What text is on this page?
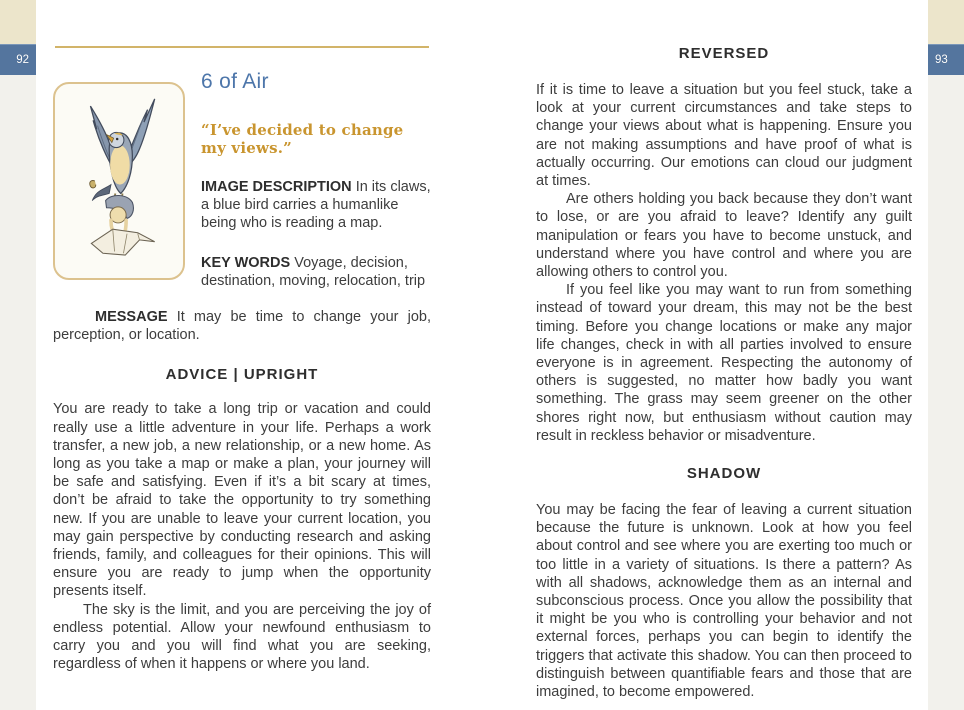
92	93
6 of Air
“I’ve decided to change my views.”

IMAGE DESCRIPTION In its claws, a blue bird carries a humanlike being who is reading a map.

KEY WORDS Voyage, decision, destination, moving, relocation, trip

MESSAGE It may be time to change your job, perception, or location.

ADVICE | UPRIGHT

You are ready to take a long trip or vacation and could really use a little adventure in your life. Perhaps a work transfer, a new job, a new relationship, or a new home. As long as you take a map or make a plan, your journey will be safe and satisfying. Even if it’s a bit scary at times, don’t be afraid to take the opportunity to try something new. If you are unable to leave your current location, you may gain perspective by conducting research and asking friends, family, and colleagues for their opinions. This will ensure you are ready to jump when the opportunity presents itself.

The sky is the limit, and you are perceiving the joy of endless potential. Allow your newfound enthusiasm to carry you and you will find what you are seeking, regardless of when it happens or where you land.

REVERSED

If it is time to leave a situation but you feel stuck, take a look at your current circumstances and take steps to change your views about what is happening. Ensure you are not making assumptions and have proof of what is actually occurring. Our emotions can cloud our judgment at times.

Are others holding you back because they don’t want to lose, or are you afraid to leave? Identify any guilt manipulation or fears you have to become unstuck, and understand where you have control and where you are allowing others to control you.

If you feel like you may want to run from something instead of toward your dream, this may not be the best timing. Before you change locations or make any major life changes, check in with all parties involved to ensure everyone is in agreement. Respecting the autonomy of others is suggested, no matter how badly you want something. The grass may seem greener on the other shores right now, but enthusiasm without caution may result in reckless behavior or misadventure.

SHADOW

You may be facing the fear of leaving a current situation because the future is unknown. Look at how you feel about control and see where you are exerting too much or too little in a variety of situations. Is there a pattern? As with all shadows, acknowledge them as an internal and subconscious process. Once you allow the possibility that it might be you who is controlling your behavior and not external forces, perhaps you can begin to identify the triggers that activate this shadow. You can then proceed to distinguish between quantifiable fears and those that are imagined, to become empowered.
